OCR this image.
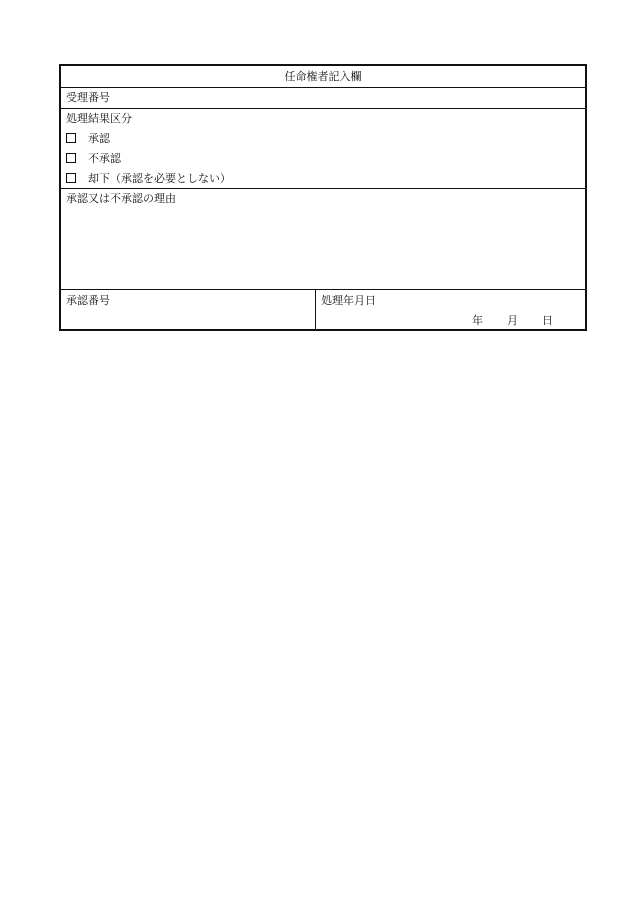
任命権者記入欄
受理番号
処理結果区分
承認
不承認
却下（承認を必要としない）
承認又は不承認の理由
承認番号	処理年月日
年 月 日
